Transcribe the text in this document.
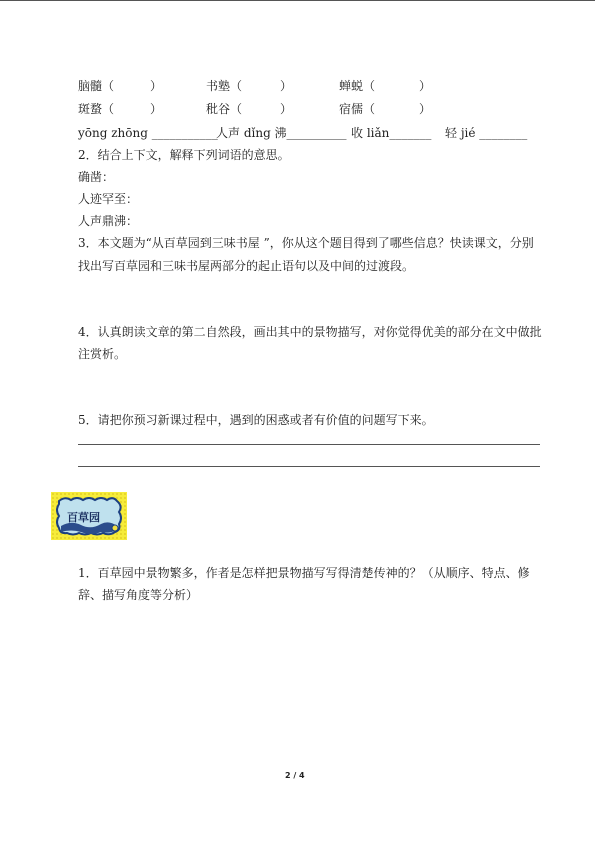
脑髓（	）	书塾（	）	蝉蜕（	）
斑蝥（	）	秕谷（	）	宿儒（	）
yōng zhōng ___________
人声 dǐng 沸__________ 收 liǎn_______ 轻 jié ________
2．结合上下文，解释下列词语的意思。
确凿：
人迹罕至：
人声鼎沸：
3．本文题为“从百草园到三味书屋 ”，你从这个题目得到了哪些信息？快读课文，分别
找出写百草园和三味书屋两部分的起止语句以及中间的过渡段。
4．认真朗读文章的第二自然段，画出其中的景物描写，对你觉得优美的部分在文中做批
注赏析。
5．请把你预习新课过程中，遇到的困惑或者有价值的问题写下来。
百草园
1．百草园中景物繁多，作者是怎样把景物描写写得清楚传神的？（从顺序、特点、修
辞、描写角度等分析）
2 / 4
